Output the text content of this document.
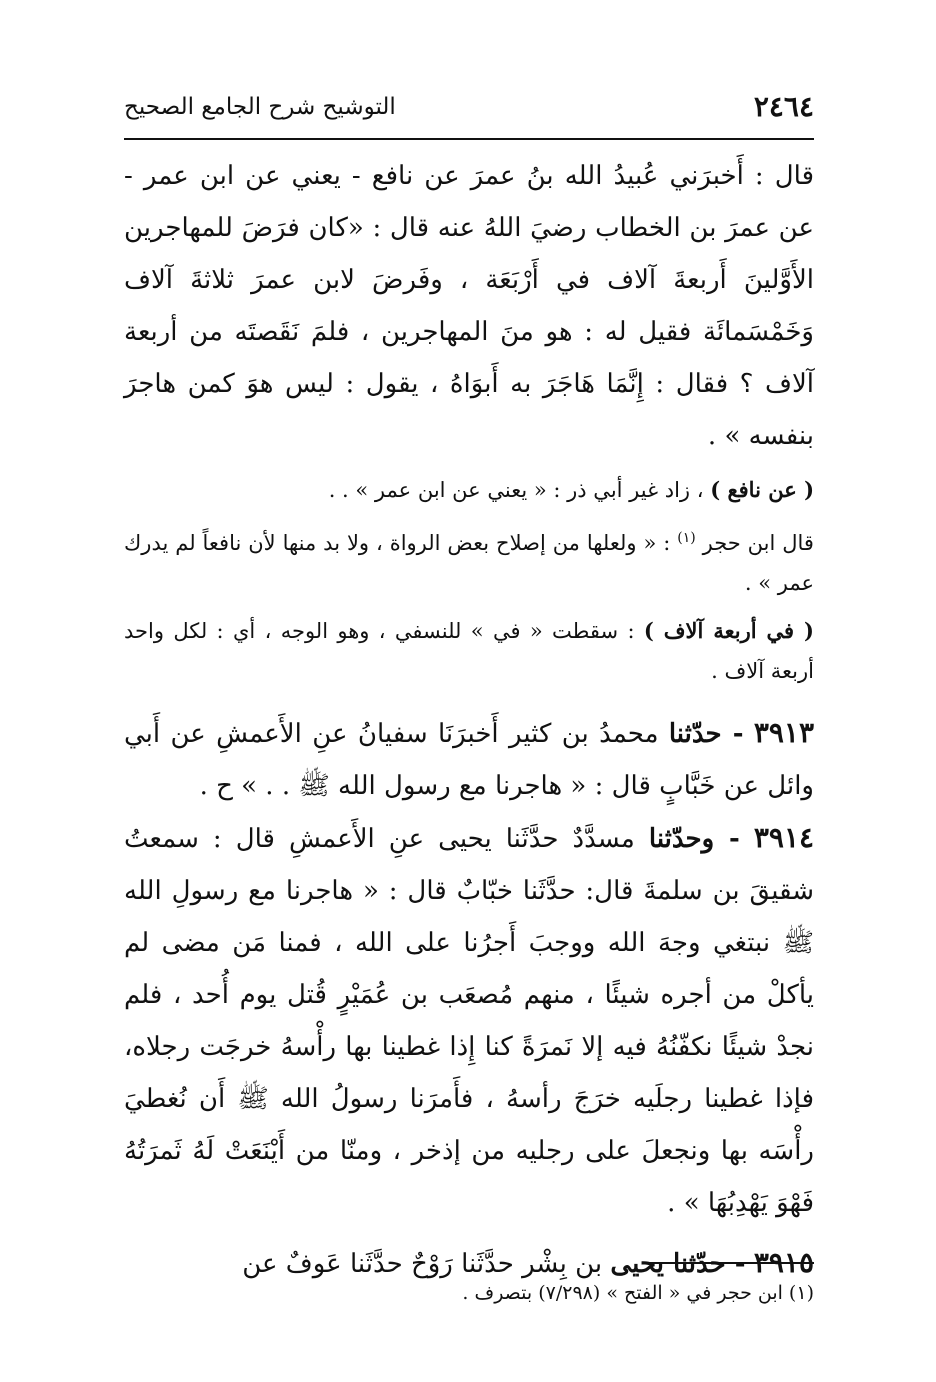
٢٤٦٤
التوشيح شرح الجامع الصحيح

قال : أَخبرَني عُبيدُ الله بنُ عمرَ عن نافع - يعني عن ابن عمر - عن عمرَ بن الخطاب رضيَ اللهُ عنه قال : «كان فرَضَ للمهاجرين الأَوَّلينَ أَربعةَ آلاف في أَرْبَعَة ، وفَرضَ لابن عمرَ ثلاثةَ آلاف وَخَمْسَمائَة فقيل له : هو منَ المهاجرين ، فلمَ نَقَصتَه من أربعة آلاف ؟ فقال : إِنَّمَا هَاجَرَ به أَبوَاهُ ، يقول : ليس هوَ كمن هاجرَ بنفسه » .

( عن نافع ) ، زاد غير أبي ذر : « يعني عن ابن عمر » . .

قال ابن حجر $^{(١)}$ : « ولعلها من إصلاح بعض الرواة ، ولا بد منها لأن نافعاً لم يدرك عمر » .

( في أربعة آلاف ) : سقطت « في » للنسفي ، وهو الوجه ، أي : لكل واحد أربعة آلاف .

٣٩١٣ - حدّثنا محمدُ بن كثير أَخبرَنَا سفيانُ عنِ الأَعمشِ عن أَبي وائل عن خَبَّابٍ قال : « هاجرنا مع رسول الله ﷺ . . » ح .

٣٩١٤ - وحدّثنا مسدَّدٌ حدَّثَنا يحيى عنِ الأَعمشِ قال : سمعتُ شقيقَ بن سلمةَ قال: حدَّثَنا خبّابٌ قال : « هاجرنا مع رسولِ الله ﷺ نبتغي وجهَ الله ووجبَ أَجرُنا على الله ، فمنا مَن مضى لم يأكلْ من أجره شيئًا ، منهم مُصعَب بن عُمَيْرٍ قُتل يوم أُحد ، فلم نجدْ شيئًا نكفّنُهُ فيه إلا نَمرَةً كنا إِذا غطينا بها رأْسهُ خرجَت رجلاه، فإذا غطينا رجلَيه خرَجَ رأسهُ ، فأَمرَنا رسولُ الله ﷺ أَن نُغطيَ رأْسَه بها ونجعلَ على رجليه من إذخر ، ومنّا من أَيْنَعَتْ لَهُ ثَمرَتُهُ فَهْوَ يَهْدِبُهَا » .

٣٩١٥ - حدّثنا يحيى بن بِشْر حدَّثَنا رَوْحٌ حدَّثَنا عَوفٌ عن

(١) ابن حجر في « الفتح » (٧/٢٩٨) بتصرف .
